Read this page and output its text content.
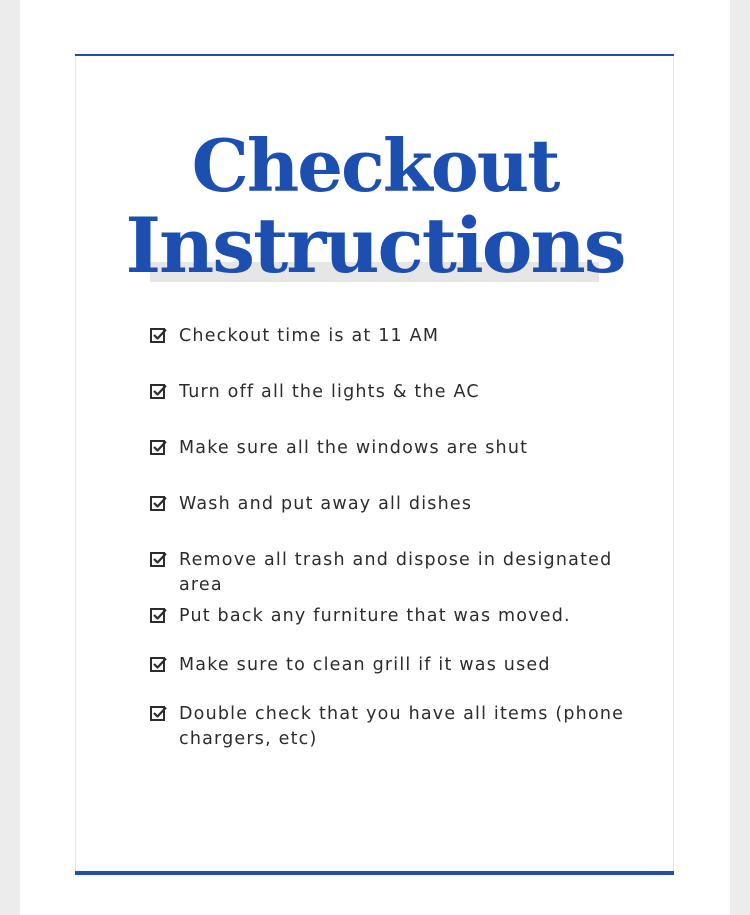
Checkout
Instructions
Checkout time is at 11 AM
Turn off all the lights & the AC
Make sure all the windows are shut
Wash and put away all dishes
Remove all trash and dispose in designated area
Put back any furniture that was moved.
Make sure to clean grill if it was used
Double check that you have all items (phone chargers, etc)
